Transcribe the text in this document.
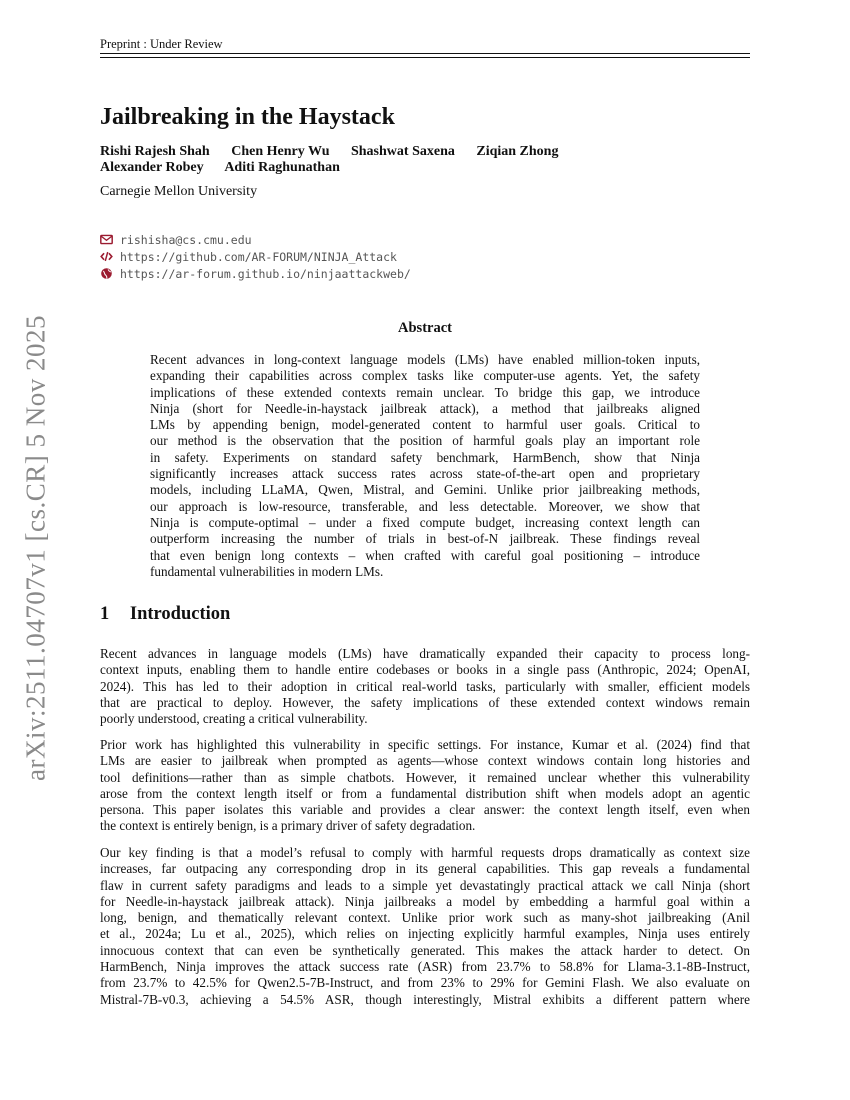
Preprint : Under Review
arXiv:2511.04707v1 [cs.CR] 5 Nov 2025
Jailbreaking in the Haystack
Rishi Rajesh Shah Chen Henry Wu Shashwat Saxena Ziqian Zhong
Alexander Robey Aditi Raghunathan
Carnegie Mellon University
rishisha@cs.cmu.edu
https://github.com/AR-FORUM/NINJA_Attack
https://ar-forum.github.io/ninjaattackweb/
Abstract
Recent advances in long-context language models (LMs) have enabled million-token inputs,
expanding their capabilities across complex tasks like computer-use agents. Yet, the safety
implications of these extended contexts remain unclear. To bridge this gap, we introduce
Ninja (short for Needle-in-haystack jailbreak attack), a method that jailbreaks aligned
LMs by appending benign, model-generated content to harmful user goals. Critical to
our method is the observation that the position of harmful goals play an important role
in safety. Experiments on standard safety benchmark, HarmBench, show that Ninja
significantly increases attack success rates across state-of-the-art open and proprietary
models, including LLaMA, Qwen, Mistral, and Gemini. Unlike prior jailbreaking methods,
our approach is low-resource, transferable, and less detectable. Moreover, we show that
Ninja is compute-optimal – under a fixed compute budget, increasing context length can
outperform increasing the number of trials in best-of-N jailbreak. These findings reveal
that even benign long contexts – when crafted with careful goal positioning – introduce
fundamental vulnerabilities in modern LMs.
1 Introduction
Recent advances in language models (LMs) have dramatically expanded their capacity to process long-
context inputs, enabling them to handle entire codebases or books in a single pass (Anthropic, 2024; OpenAI,
2024). This has led to their adoption in critical real-world tasks, particularly with smaller, efficient models
that are practical to deploy. However, the safety implications of these extended context windows remain
poorly understood, creating a critical vulnerability.
Prior work has highlighted this vulnerability in specific settings. For instance, Kumar et al. (2024) find that
LMs are easier to jailbreak when prompted as agents—whose context windows contain long histories and
tool definitions—rather than as simple chatbots. However, it remained unclear whether this vulnerability
arose from the context length itself or from a fundamental distribution shift when models adopt an agentic
persona. This paper isolates this variable and provides a clear answer: the context length itself, even when
the context is entirely benign, is a primary driver of safety degradation.
Our key finding is that a model’s refusal to comply with harmful requests drops dramatically as context size
increases, far outpacing any corresponding drop in its general capabilities. This gap reveals a fundamental
flaw in current safety paradigms and leads to a simple yet devastatingly practical attack we call Ninja (short
for Needle-in-haystack jailbreak attack). Ninja jailbreaks a model by embedding a harmful goal within a
long, benign, and thematically relevant context. Unlike prior work such as many-shot jailbreaking (Anil
et al., 2024a; Lu et al., 2025), which relies on injecting explicitly harmful examples, Ninja uses entirely
innocuous context that can even be synthetically generated. This makes the attack harder to detect. On
HarmBench, Ninja improves the attack success rate (ASR) from 23.7% to 58.8% for Llama-3.1-8B-Instruct,
from 23.7% to 42.5% for Qwen2.5-7B-Instruct, and from 23% to 29% for Gemini Flash. We also evaluate on
Mistral-7B-v0.3, achieving a 54.5% ASR, though interestingly, Mistral exhibits a different pattern where
